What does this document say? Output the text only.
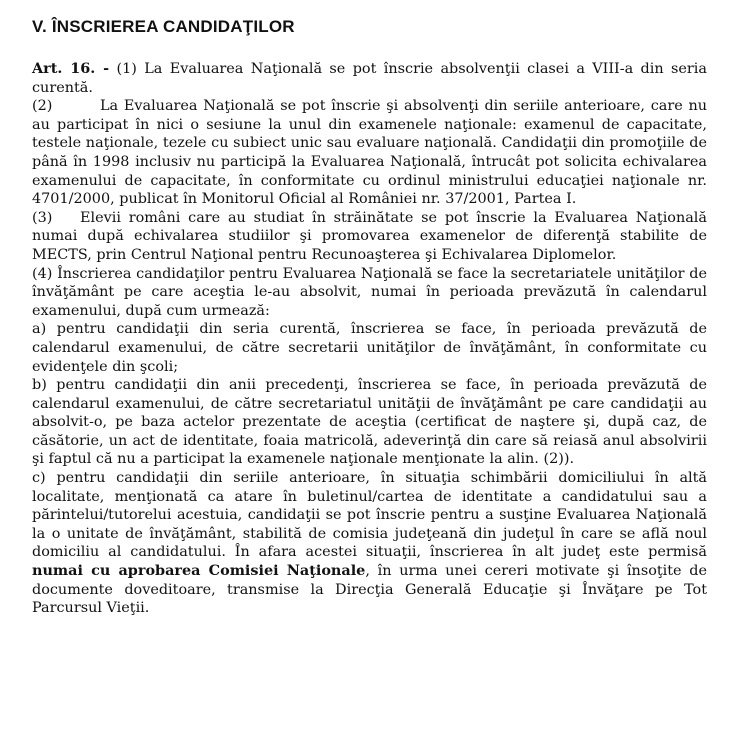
V. ÎNSCRIEREA CANDIDAŢILOR

Art. 16. - (1) La Evaluarea Naţională se pot înscrie absolvenţii clasei a VIII-a din seria curentă.

(2)	La Evaluarea Naţională se pot înscrie şi absolvenţi din seriile anterioare, care nu au participat în nici o sesiune la unul din examenele naţionale: examenul de capacitate, testele naţionale, tezele cu subiect unic sau evaluare naţională. Candidaţii din promoţiile de până în 1998 inclusiv nu participă la Evaluarea Naţională, întrucât pot solicita echivalarea examenului de capacitate, în conformitate cu ordinul ministrului educaţiei naţionale nr. 4701/2000, publicat în Monitorul Oficial al României nr. 37/2001, Partea I.

(3) Elevii români care au studiat în străinătate se pot înscrie la Evaluarea Naţională numai după echivalarea studiilor şi promovarea examenelor de diferenţă stabilite de MECTS, prin Centrul Naţional pentru Recunoaşterea şi Echivalarea Diplomelor.

(4) Înscrierea candidaţilor pentru Evaluarea Naţională se face la secretariatele unităţilor de învăţământ pe care aceştia le-au absolvit, numai în perioada prevăzută în calendarul examenului, după cum urmează:

a) pentru candidaţii din seria curentă, înscrierea se face, în perioada prevăzută de calendarul examenului, de către secretarii unităţilor de învăţământ, în conformitate cu evidenţele din şcoli;

b) pentru candidaţii din anii precedenţi, înscrierea se face, în perioada prevăzută de calendarul examenului, de către secretariatul unităţii de învăţământ pe care candidaţii au absolvit-o, pe baza actelor prezentate de aceştia (certificat de naştere şi, după caz, de căsătorie, un act de identitate, foaia matricolă, adeverinţă din care să reiasă anul absolvirii şi faptul că nu a participat la examenele naţionale menţionate la alin. (2)).

c) pentru candidaţii din seriile anterioare, în situaţia schimbării domiciliului în altă localitate, menţionată ca atare în buletinul/cartea de identitate a candidatului sau a părintelui/tutorelui acestuia, candidaţii se pot înscrie pentru a susţine Evaluarea Naţională la o unitate de învăţământ, stabilită de comisia judeţeană din judeţul în care se află noul domiciliu al candidatului. În afara acestei situaţii, înscrierea în alt judeţ este permisă numai cu aprobarea Comisiei Naţionale, în urma unei cereri motivate şi însoţite de documente doveditoare, transmise la Direcţia Generală Educaţie şi Învăţare pe Tot Parcursul Vieţii.
